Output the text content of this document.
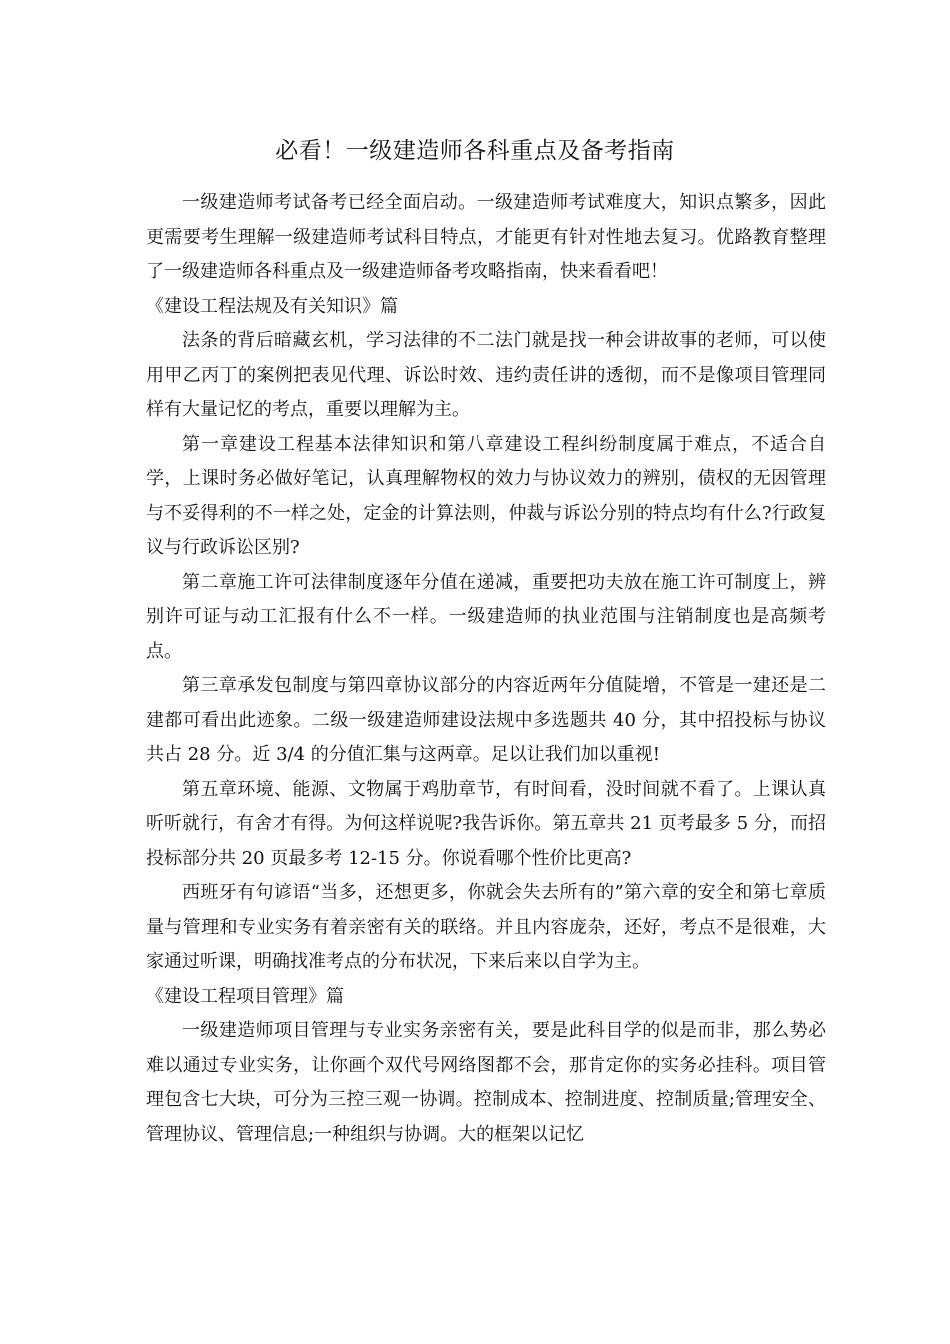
必看！一级建造师各科重点及备考指南

一级建造师考试备考已经全面启动。一级建造师考试难度大，知识点繁多，因此更需要考生理解一级建造师考试科目特点，才能更有针对性地去复习。优路教育整理了一级建造师各科重点及一级建造师备考攻略指南，快来看看吧！

《建设工程法规及有关知识》篇

法条的背后暗藏玄机，学习法律的不二法门就是找一种会讲故事的老师，可以使用甲乙丙丁的案例把表见代理、诉讼时效、违约责任讲的透彻，而不是像项目管理同样有大量记忆的考点，重要以理解为主。

第一章建设工程基本法律知识和第八章建设工程纠纷制度属于难点，不适合自学，上课时务必做好笔记，认真理解物权的效力与协议效力的辨别，债权的无因管理与不妥得利的不一样之处，定金的计算法则，仲裁与诉讼分别的特点均有什么?行政复议与行政诉讼区别?

第二章施工许可法律制度逐年分值在递减，重要把功夫放在施工许可制度上，辨别许可证与动工汇报有什么不一样。一级建造师的执业范围与注销制度也是高频考点。

第三章承发包制度与第四章协议部分的内容近两年分值陡增，不管是一建还是二建都可看出此迹象。二级一级建造师建设法规中多选题共 40 分，其中招投标与协议共占 28 分。近 3/4 的分值汇集与这两章。足以让我们加以重视!

第五章环境、能源、文物属于鸡肋章节，有时间看，没时间就不看了。上课认真听听就行，有舍才有得。为何这样说呢?我告诉你。第五章共 21 页考最多 5 分，而招投标部分共 20 页最多考 12-15 分。你说看哪个性价比更高?

西班牙有句谚语“当多，还想更多，你就会失去所有的”第六章的安全和第七章质量与管理和专业实务有着亲密有关的联络。并且内容庞杂，还好，考点不是很难，大家通过听课，明确找准考点的分布状况，下来后来以自学为主。

《建设工程项目管理》篇

一级建造师项目管理与专业实务亲密有关，要是此科目学的似是而非，那么势必难以通过专业实务，让你画个双代号网络图都不会，那肯定你的实务必挂科。项目管理包含七大块，可分为三控三观一协调。控制成本、控制进度、控制质量;管理安全、管理协议、管理信息;一种组织与协调。大的框架以记忆
